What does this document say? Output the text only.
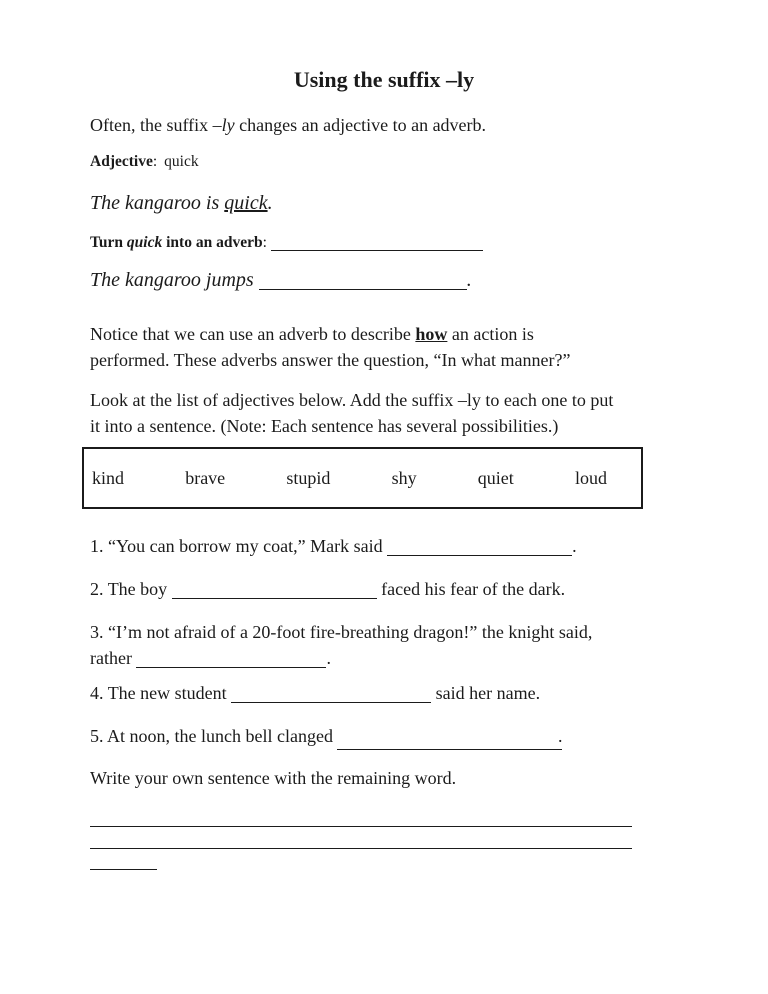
Using the suffix –ly
Often, the suffix –ly changes an adjective to an adverb.
Adjective: quick
The kangaroo is quick.
Turn quick into an adverb:
The kangaroo jumps	.
Notice that we can use an adverb to describe how an action is
performed. These adverbs answer the question, “In what manner?”
Look at the list of adjectives below. Add the suffix –ly to each one to put
it into a sentence. (Note: Each sentence has several possibilities.)
kind	brave	stupid	shy	quiet	loud
1. “You can borrow my coat,” Mark said	.
2. The boy	faced his fear of the dark.
3. “I’m not afraid of a 20-foot fire-breathing dragon!” the knight said,
rather	.
4. The new student	said her name.
5. At noon, the lunch bell clanged	.
Write your own sentence with the remaining word.
